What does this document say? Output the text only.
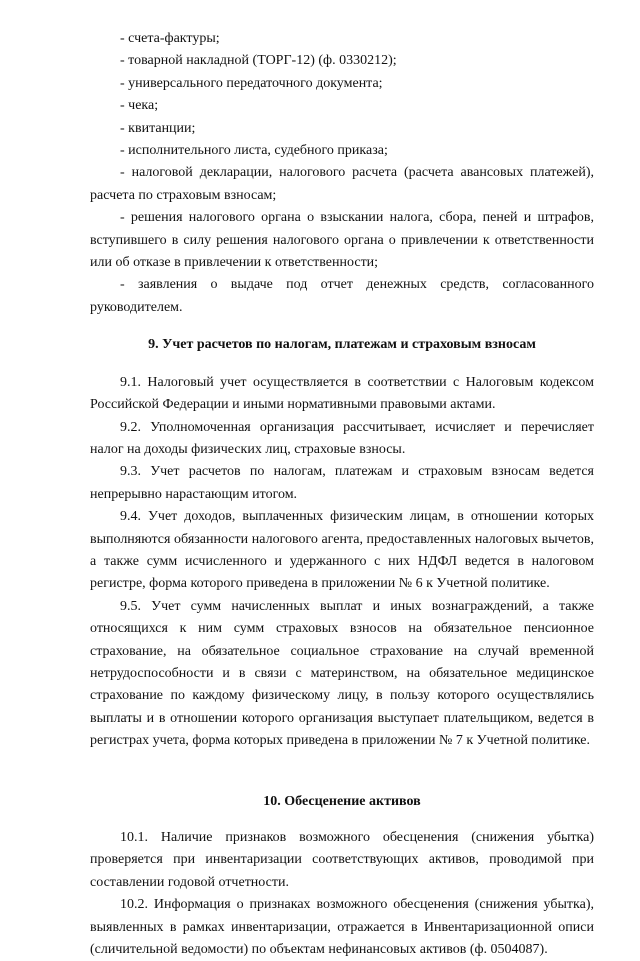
- счета-фактуры;

- товарной накладной (ТОРГ-12) (ф. 0330212);

- универсального передаточного документа;

- чека;

- квитанции;

- исполнительного листа, судебного приказа;

- налоговой декларации, налогового расчета (расчета авансовых платежей), расчета по страховым взносам;

- решения налогового органа о взыскании налога, сбора, пеней и штрафов, вступившего в силу решения налогового органа о привлечении к ответственности или об отказе в привлечении к ответственности;

- заявления о выдаче под отчет денежных средств, согласованного руководителем.

9. Учет расчетов по налогам, платежам и страховым взносам

9.1. Налоговый учет осуществляется в соответствии с Налоговым кодексом Российской Федерации и иными нормативными правовыми актами.

9.2. Уполномоченная организация рассчитывает, исчисляет и перечисляет налог на доходы физических лиц, страховые взносы.

9.3. Учет расчетов по налогам, платежам и страховым взносам ведется непрерывно нарастающим итогом.

9.4. Учет доходов, выплаченных физическим лицам, в отношении которых выполняются обязанности налогового агента, предоставленных налоговых вычетов, а также сумм исчисленного и удержанного с них НДФЛ ведется в налоговом регистре, форма которого приведена в приложении № 6 к Учетной политике.

9.5. Учет сумм начисленных выплат и иных вознаграждений, а также относящихся к ним сумм страховых взносов на обязательное пенсионное страхование, на обязательное социальное страхование на случай временной нетрудоспособности и в связи с материнством, на обязательное медицинское страхование по каждому физическому лицу, в пользу которого осуществлялись выплаты и в отношении которого организация выступает плательщиком, ведется в регистрах учета, форма которых приведена в приложении № 7 к Учетной политике.

10. Обесценение активов

10.1. Наличие признаков возможного обесценения (снижения убытка) проверяется при инвентаризации соответствующих активов, проводимой при составлении годовой отчетности.

10.2. Информация о признаках возможного обесценения (снижения убытка), выявленных в рамках инвентаризации, отражается в Инвентаризационной описи (сличительной ведомости) по объектам нефинансовых активов (ф. 0504087).
